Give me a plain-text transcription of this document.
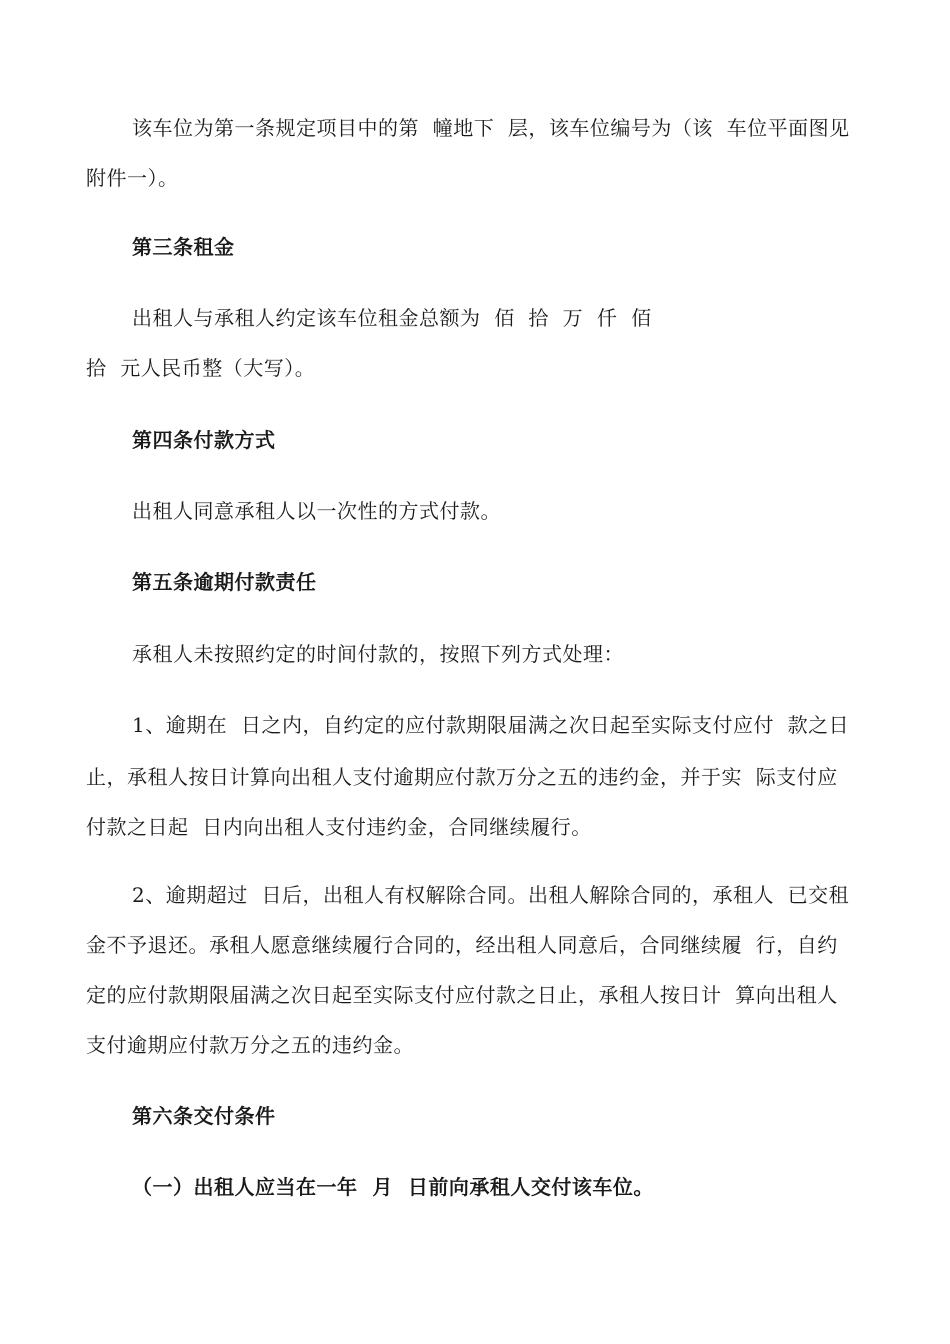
该车位为第一条规定项目中的第  幢地下  层，该车位编号为（该  车位平面图见
附件一）。
第三条租金
出租人与承租人约定该车位租金总额为  佰  拾  万  仟  佰
拾  元人民币整（大写）。
第四条付款方式
出租人同意承租人以一次性的方式付款。
第五条逾期付款责任
承租人未按照约定的时间付款的，按照下列方式处理：
1、逾期在  日之内，自约定的应付款期限届满之次日起至实际支付应付  款之日
止，承租人按日计算向出租人支付逾期应付款万分之五的违约金，并于实  际支付应
付款之日起  日内向出租人支付违约金，合同继续履行。
2、逾期超过  日后，出租人有权解除合同。出租人解除合同的，承租人  已交租
金不予退还。承租人愿意继续履行合同的，经出租人同意后，合同继续履  行，自约
定的应付款期限届满之次日起至实际支付应付款之日止，承租人按日计  算向出租人
支付逾期应付款万分之五的违约金。
第六条交付条件
（一）出租人应当在一年  月  日前向承租人交付该车位。
